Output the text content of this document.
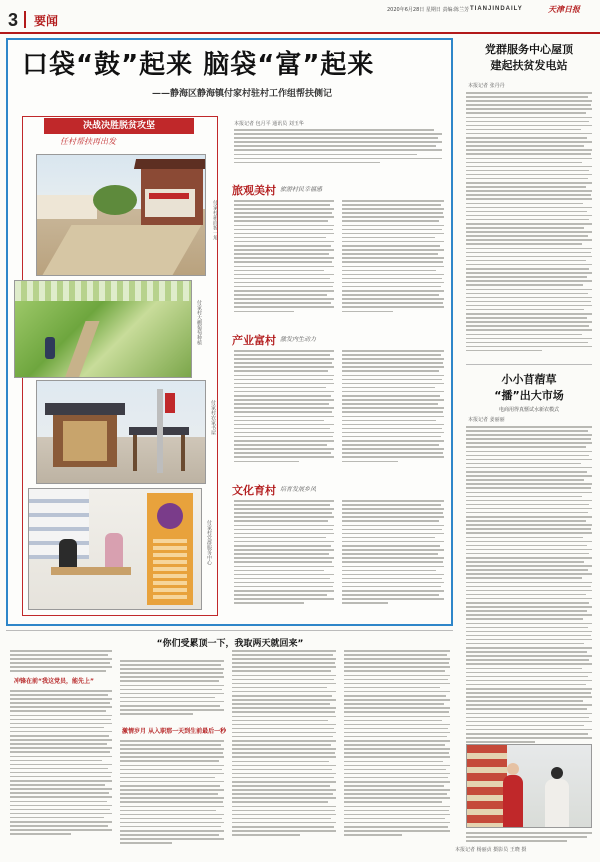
3 要闻
2020年6月28日 星期日 责编:陈兰芳 TIANJINDAILY	天津日报
口袋“鼓”起来 脑袋“富”起来
——静海区静海镇付家村驻村工作组帮扶侧记
决战决胜脱贫攻坚
任村帮扶再出发
付家村新面貌一角
付家村大棚葡萄种植
付家村农家书屋
付家村党群服务中心
本报记者 包月平 通讯员 刘玉华
旅观美村 旅游村民幸福感
产业富村 激发内生动力
文化育村 培育发展乡风
党群服务中心屋顶
建起扶贫发电站
本报记者 张丹丹
小小苜蓿草
“播”出大市场
电商用得真惬试水新农模式
本报记者 姜丽丽
本报记者 杨丽贞 摄影员 王晓 摄
“你们受累顶一下，我取两天就回来”
冲锋在前“我这党员，能先上”
激情岁月 从入职那一天到生前最后一秒
